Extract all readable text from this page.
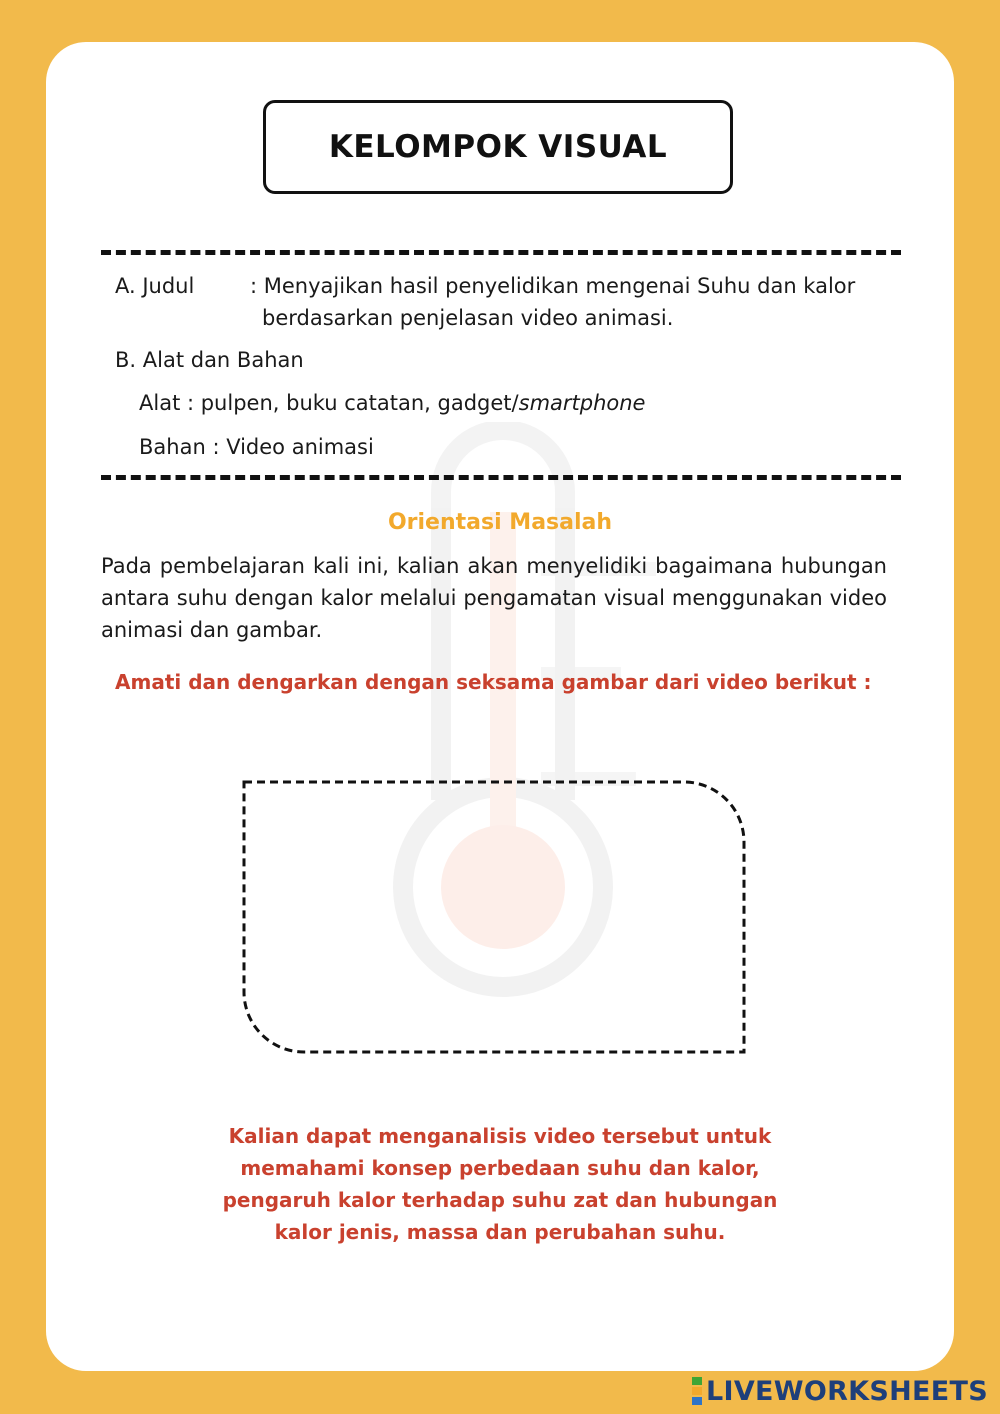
KELOMPOK VISUAL
A. Judul	: Menyajikan hasil penyelidikan mengenai Suhu dan kalor
berdasarkan penjelasan video animasi.
B. Alat dan Bahan
Alat : pulpen, buku catatan, gadget/smartphone
Bahan : Video animasi
Orientasi Masalah
Pada pembelajaran kali ini, kalian akan menyelidiki bagaimana hubungan antara suhu dengan kalor melalui pengamatan visual menggunakan video animasi dan gambar.
Amati dan dengarkan dengan seksama gambar dari video berikut :
Kalian dapat menganalisis video tersebut untuk
memahami konsep perbedaan suhu dan kalor,
pengaruh kalor terhadap suhu zat dan hubungan
kalor jenis, massa dan perubahan suhu.
LIVEWORKSHEETS
